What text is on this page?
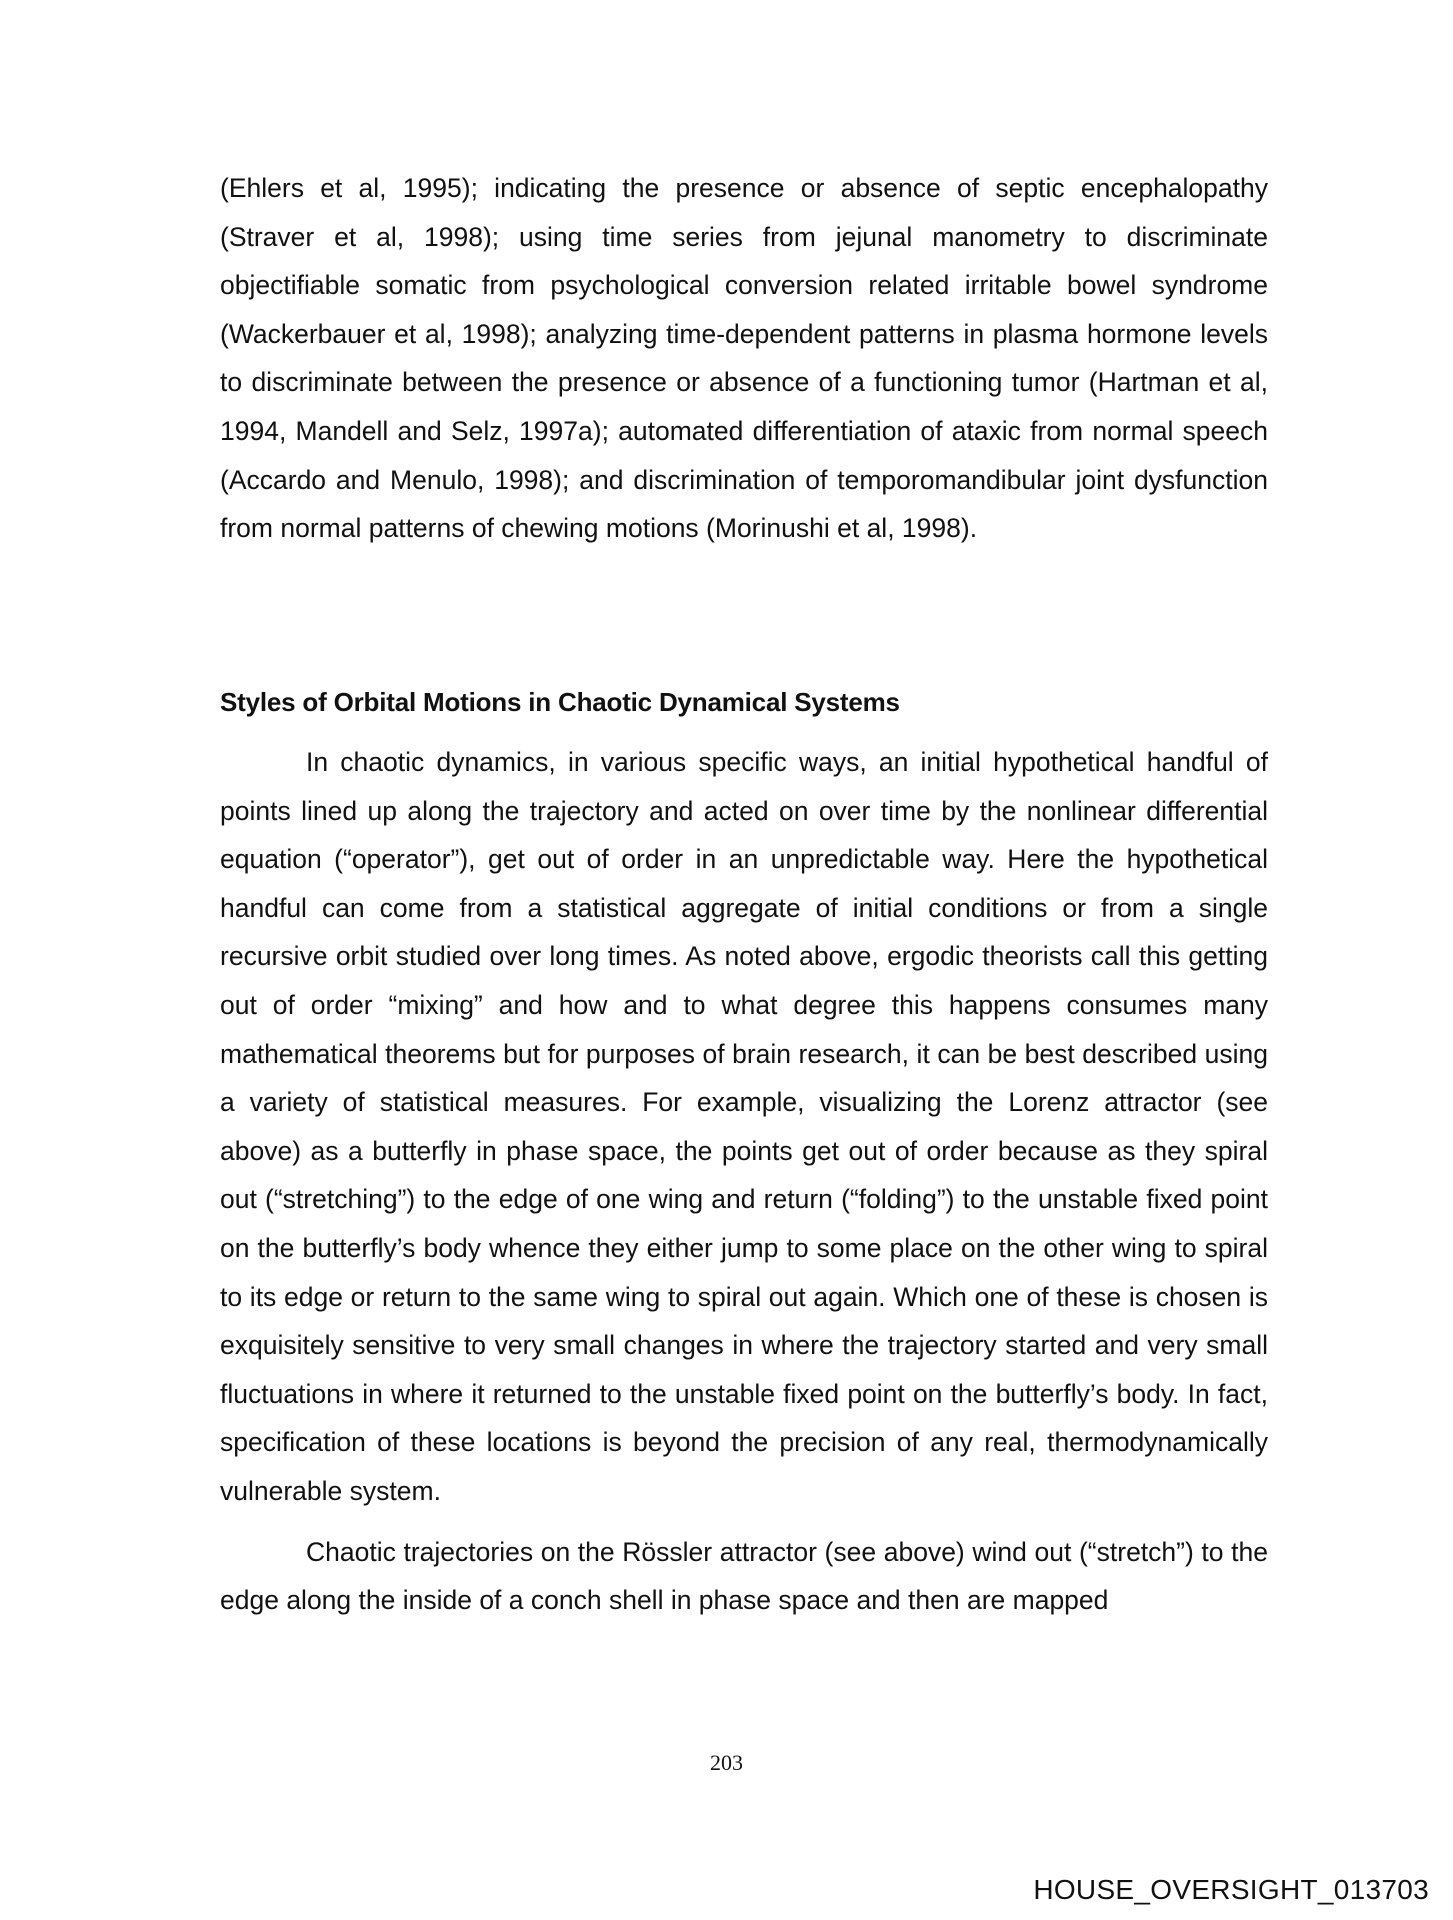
(Ehlers et al, 1995); indicating the presence or absence of septic encephalopathy (Straver et al, 1998); using time series from jejunal manometry to discriminate objectifiable somatic from psychological conversion related irritable bowel syndrome (Wackerbauer et al, 1998); analyzing time-dependent patterns in plasma hormone levels to discriminate between the presence or absence of a functioning tumor (Hartman et al, 1994, Mandell and Selz, 1997a); automated differentiation of ataxic from normal speech (Accardo and Menulo, 1998); and discrimination of temporomandibular joint dysfunction from normal patterns of chewing motions (Morinushi et al, 1998).

Styles of Orbital Motions in Chaotic Dynamical Systems

In chaotic dynamics, in various specific ways, an initial hypothetical handful of points lined up along the trajectory and acted on over time by the nonlinear differential equation (“operator”), get out of order in an unpredictable way. Here the hypothetical handful can come from a statistical aggregate of initial conditions or from a single recursive orbit studied over long times. As noted above, ergodic theorists call this getting out of order “mixing” and how and to what degree this happens consumes many mathematical theorems but for purposes of brain research, it can be best described using a variety of statistical measures. For example, visualizing the Lorenz attractor (see above) as a butterfly in phase space, the points get out of order because as they spiral out (“stretching”) to the edge of one wing and return (“folding”) to the unstable fixed point on the butterfly’s body whence they either jump to some place on the other wing to spiral to its edge or return to the same wing to spiral out again. Which one of these is chosen is exquisitely sensitive to very small changes in where the trajectory started and very small fluctuations in where it returned to the unstable fixed point on the butterfly’s body. In fact, specification of these locations is beyond the precision of any real, thermodynamically vulnerable system.

Chaotic trajectories on the Rössler attractor (see above) wind out (“stretch”) to the edge along the inside of a conch shell in phase space and then are mapped

203
HOUSE_OVERSIGHT_013703
